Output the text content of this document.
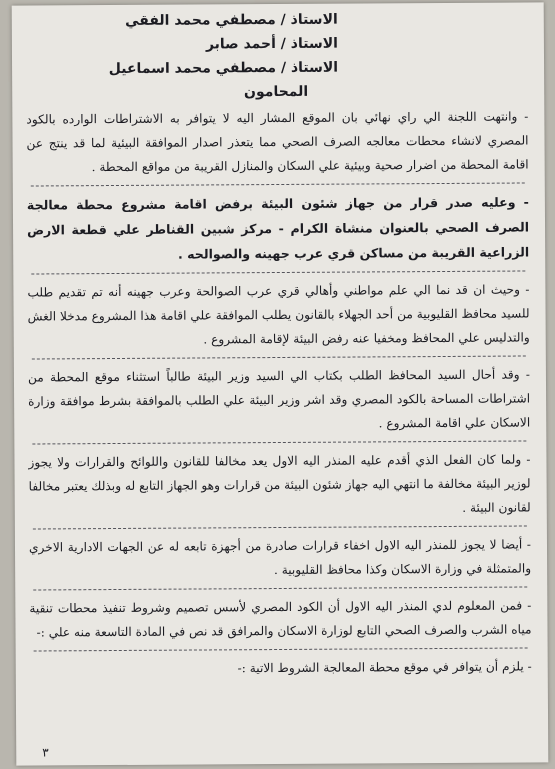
الاستاذ / مصطفي محمد الفقي
الاستاذ / أحمد صابر
الاستاذ / مصطفي محمد اسماعيل
المحامون

- وانتهت اللجنة الي راي نهائي بان الموقع المشار اليه لا يتوافر به الاشتراطات الوارده بالكود المصري لانشاء محطات معالجه الصرف الصحي مما يتعذر اصدار الموافقة البيئية لما قد ينتج عن اقامة المحطة من اضرار صحية وبيئية علي السكان والمنازل القريبة من مواقع المحطة .

- وعليه صدر قرار من جهاز شئون البيئة برفض اقامة مشروع محطة معالجة الصرف الصحي بالعنوان منشاة الكرام - مركز شبين القناطر علي قطعة الارض الزراعية القريبة من مساكن قري عرب جهينه والصوالحه .

- وحيث ان قد نما الي علم مواطني وأهالي قري عرب الصوالحة وعرب جهينه أنه تم تقديم طلب للسيد محافظ القليوبية من أحد الجهلاء بالقانون يطلب الموافقة علي اقامة هذا المشروع مدخلا الغش والتدليس علي المحافظ ومخفيا عنه رفض البيئة لإقامة المشروع .

- وقد أحال السيد المحافظ الطلب بكتاب الي السيد وزير البيئة طالباً استثناء موقع المحطة من اشتراطات المساحة بالكود المصري وقد اشر وزير البيئة علي الطلب بالموافقة بشرط موافقة وزارة الاسكان علي اقامة المشروع .

- ولما كان الفعل الذي أقدم عليه المنذر اليه الاول يعد مخالفا للقانون واللوائح والقرارات ولا يجوز لوزير البيئة مخالفة ما انتهي اليه جهاز شئون البيئة من قرارات وهو الجهاز التابع له وبذلك يعتبر مخالفا لقانون البيئة .

- أيضا لا يجوز للمنذر اليه الاول اخفاء قرارات صادرة من أجهزة تابعه له عن الجهات الادارية الاخري والمتمثلة في وزارة الاسكان وكذا محافظ القليوبية .

- فمن المعلوم لدي المنذر اليه الاول أن الكود المصري لأسس تصميم وشروط تنفيذ محطات تنقية مياه الشرب والصرف الصحي التابع لوزارة الاسكان والمرافق قد نص في المادة التاسعة منه علي :-

- يلزم أن يتوافر في موقع محطة المعالجة الشروط الاتية :-

٣
